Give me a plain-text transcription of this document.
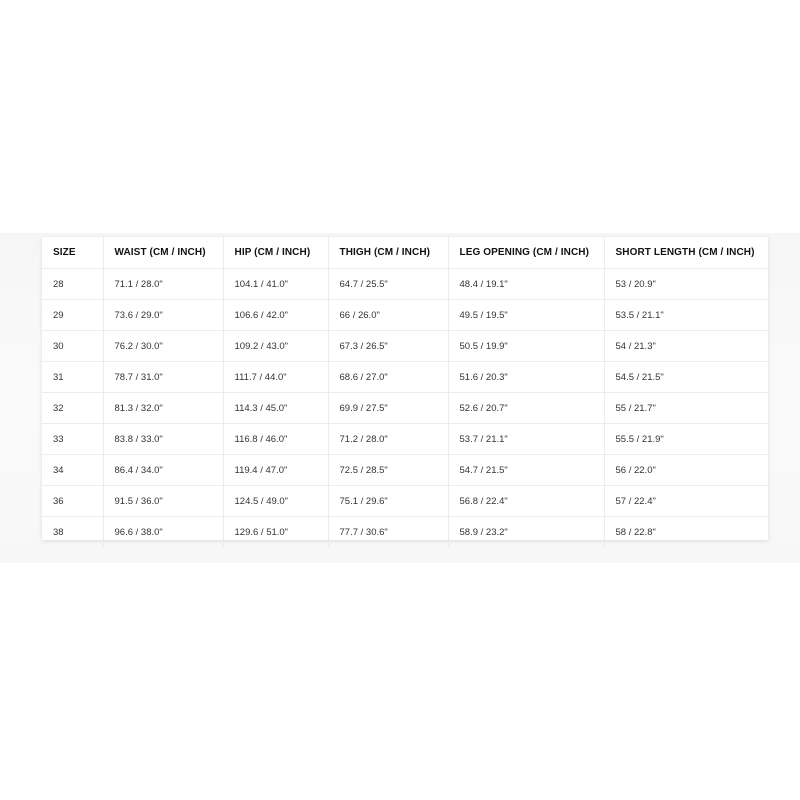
SIZE	WAIST (CM / INCH)	HIP (CM / INCH)	THIGH (CM / INCH)	LEG OPENING (CM / INCH)	SHORT LENGTH (CM / INCH)
28	71.1 / 28.0"	104.1 / 41.0"	64.7 / 25.5"	48.4 / 19.1"	53 / 20.9"
29	73.6 / 29.0"	106.6 / 42.0"	66 / 26.0"	49.5 / 19.5"	53.5 / 21.1"
30	76.2 / 30.0"	109.2 / 43.0"	67.3 / 26.5"	50.5 / 19.9"	54 / 21.3"
31	78.7 / 31.0"	111.7 / 44.0"	68.6 / 27.0"	51.6 / 20.3"	54.5 / 21.5"
32	81.3 / 32.0"	114.3 / 45.0"	69.9 / 27.5"	52.6 / 20.7"	55 / 21.7"
33	83.8 / 33.0"	116.8 / 46.0"	71.2 / 28.0"	53.7 / 21.1"	55.5 / 21.9"
34	86.4 / 34.0"	119.4 / 47.0"	72.5 / 28.5"	54.7 / 21.5"	56 / 22.0"
36	91.5 / 36.0"	124.5 / 49.0"	75.1 / 29.6"	56.8 / 22.4"	57 / 22.4"
38	96.6 / 38.0"	129.6 / 51.0"	77.7 / 30.6"	58.9 / 23.2"	58 / 22.8"
